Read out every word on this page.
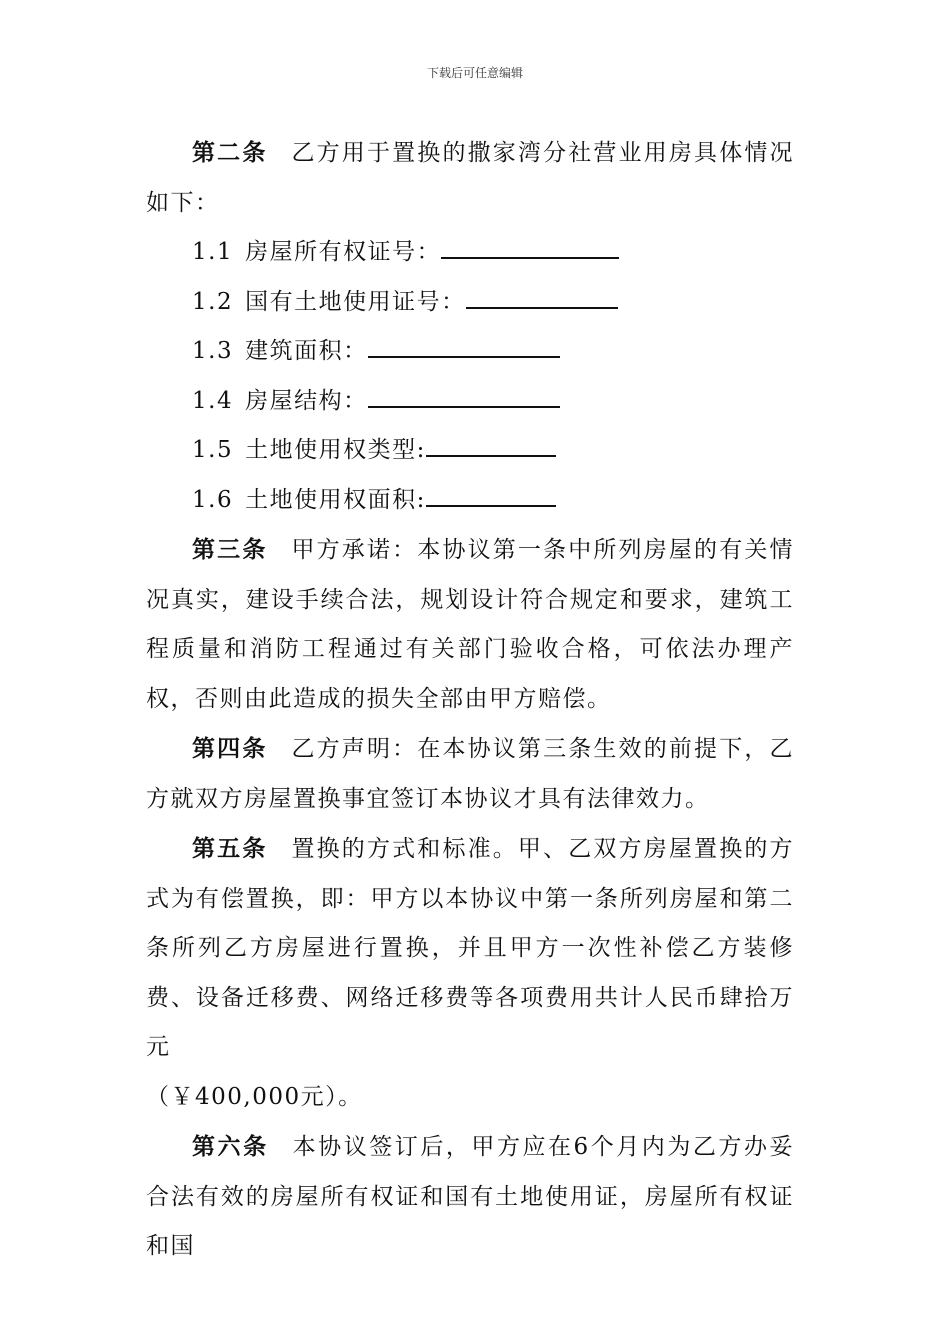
下载后可任意编辑

第二条 乙方用于置换的撒家湾分社营业用房具体情况如下：

1.1 房屋所有权证号：

1.2 国有土地使用证号：

1.3 建筑面积：

1.4 房屋结构：

1.5 土地使用权类型:

1.6 土地使用权面积:

第三条 甲方承诺：本协议第一条中所列房屋的有关情况真实，建设手续合法，规划设计符合规定和要求，建筑工程质量和消防工程通过有关部门验收合格，可依法办理产权，否则由此造成的损失全部由甲方赔偿。

第四条 乙方声明：在本协议第三条生效的前提下，乙方就双方房屋置换事宜签订本协议才具有法律效力。

第五条 置换的方式和标准。甲、乙双方房屋置换的方式为有偿置换，即：甲方以本协议中第一条所列房屋和第二条所列乙方房屋进行置换，并且甲方一次性补偿乙方装修费、设备迁移费、网络迁移费等各项费用共计人民币肆拾万元

（￥400,000元）。

第六条 本协议签订后，甲方应在6个月内为乙方办妥合法有效的房屋所有权证和国有土地使用证，房屋所有权证和国
